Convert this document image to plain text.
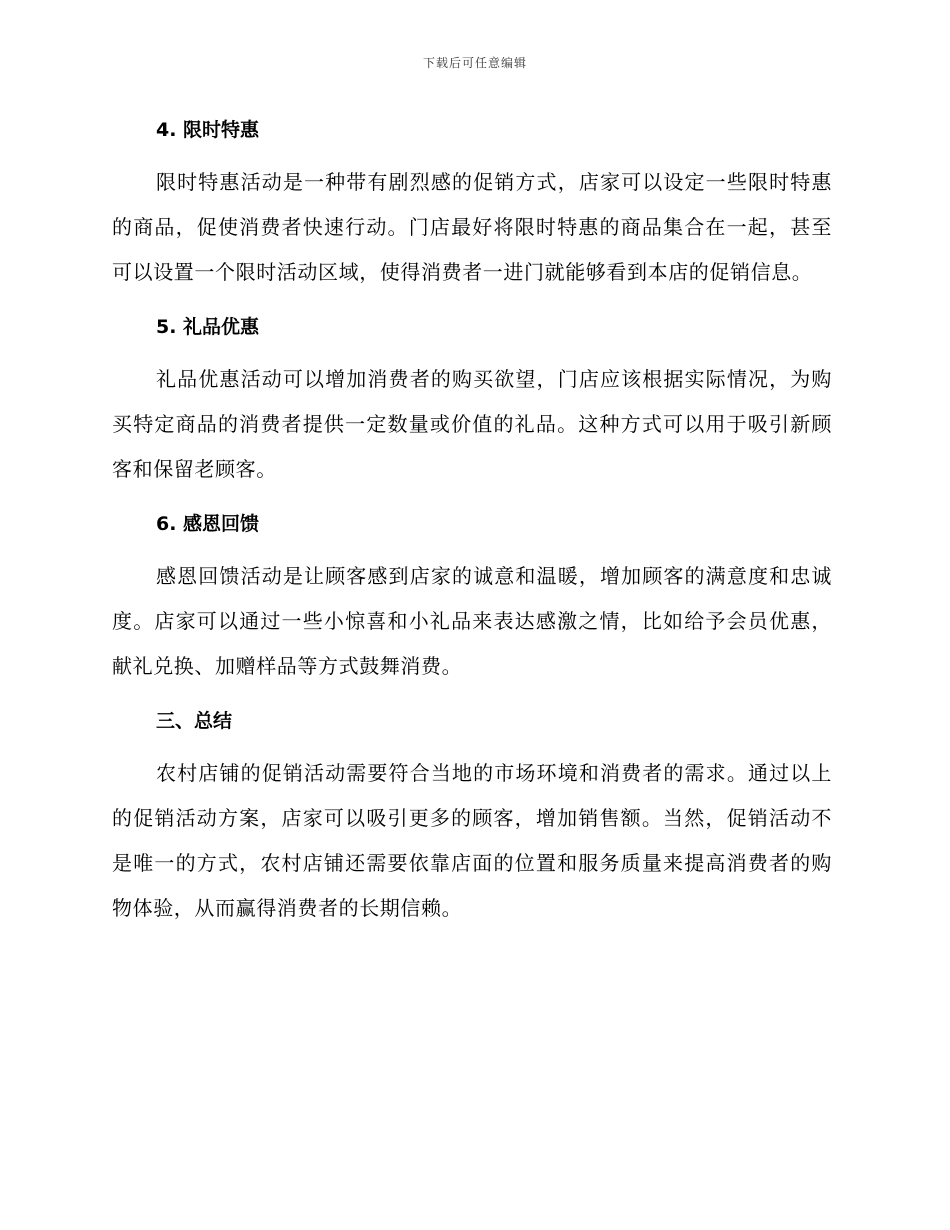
下载后可任意编辑
4. 限时特惠

限时特惠活动是一种带有剧烈感的促销方式，店家可以设定一些限时特惠的商品，促使消费者快速行动。门店最好将限时特惠的商品集合在一起，甚至可以设置一个限时活动区域，使得消费者一进门就能够看到本店的促销信息。

5. 礼品优惠

礼品优惠活动可以增加消费者的购买欲望，门店应该根据实际情况，为购买特定商品的消费者提供一定数量或价值的礼品。这种方式可以用于吸引新顾客和保留老顾客。

6. 感恩回馈

感恩回馈活动是让顾客感到店家的诚意和温暖，增加顾客的满意度和忠诚度。店家可以通过一些小惊喜和小礼品来表达感激之情，比如给予会员优惠，献礼兑换、加赠样品等方式鼓舞消费。

三、总结

农村店铺的促销活动需要符合当地的市场环境和消费者的需求。通过以上的促销活动方案，店家可以吸引更多的顾客，增加销售额。当然，促销活动不是唯一的方式，农村店铺还需要依靠店面的位置和服务质量来提高消费者的购物体验，从而赢得消费者的长期信赖。
